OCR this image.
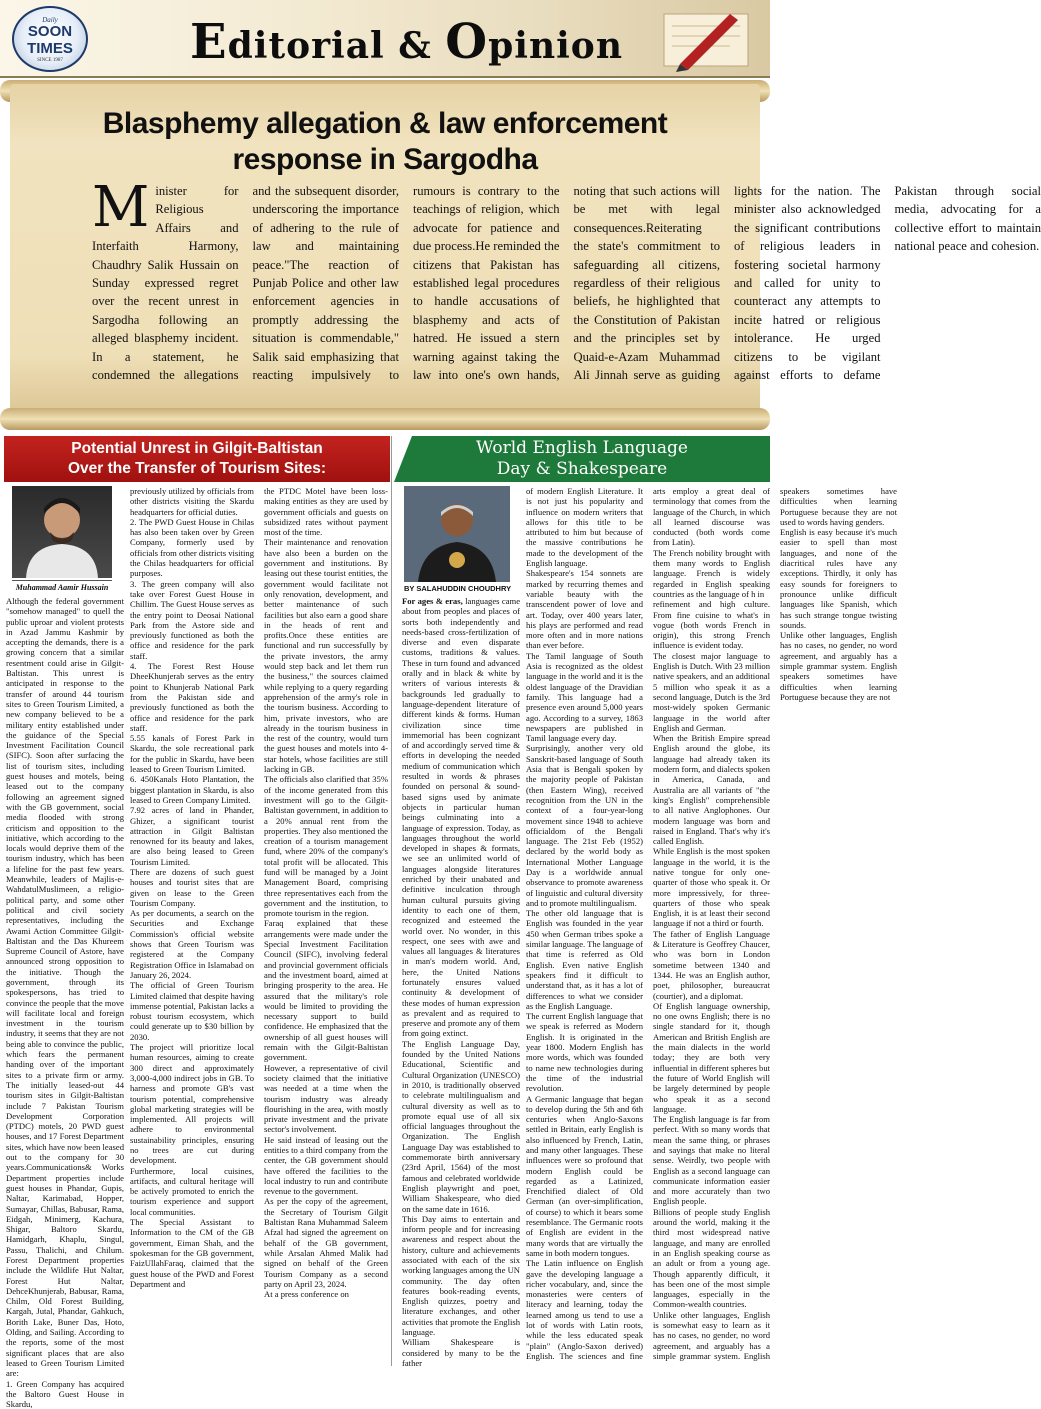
Daily
SOON
TIMES
SINCE 1987	Editorial & Opinion
Blasphemy allegation & law enforcement response in Sargodha
Minister for Religious Affairs and Interfaith Harmony, Chaudhry Salik Hussain on Sunday expressed regret over the recent unrest in Sargodha following an alleged blasphemy incident. In a statement, he condemned the allegations and the subsequent disorder, underscoring the importance of adhering to the rule of law and maintaining peace."The reaction of Punjab Police and other law enforcement agencies in promptly addressing the situation is commendable," Salik said emphasizing that reacting impulsively to rumours is contrary to the teachings of religion, which advocate for patience and due process.He reminded the citizens that Pakistan has established legal procedures to handle accusations of blasphemy and acts of hatred. He issued a stern warning against taking the law into one's own hands, noting that such actions will be met with legal consequences.Reiterating the state's commitment to safeguarding all citizens, regardless of their religious beliefs, he highlighted that the Constitution of Pakistan and the principles set by Quaid-e-Azam Muhammad Ali Jinnah serve as guiding lights for the nation. The minister also acknowledged the significant contributions of religious leaders in fostering societal harmony and called for unity to counteract any attempts to incite hatred or religious intolerance. He urged citizens to be vigilant against efforts to defame Pakistan through social media, advocating for a collective effort to maintain national peace and cohesion.
Potential Unrest in Gilgit-Baltistan
Over the Transfer of Tourism Sites:
Muhammad Aamir Hussain

Although the federal government "somehow managed" to quell the public uproar and violent protests in Azad Jammu Kashmir by accepting the demands, there is a growing concern that a similar resentment could arise in Gilgit-Baltistan. This unrest is anticipated in response to the transfer of around 44 tourism sites to Green Tourism Limited, a new company believed to be a military entity established under the guidance of the Special Investment Facilitation Council (SIFC). Soon after surfacing the list of tourism sites, including guest houses and motels, being leased out to the company following an agreement signed with the GB government, social media flooded with strong criticism and opposition to the initiative, which according to the locals would deprive them of the tourism industry, which has been a lifeline for the past few years. Meanwhile, leaders of Majlis-e-WahdatulMuslimeen, a religio-political party, and some other political and civil society representatives, including the Awami Action Committee Gilgit-Baltistan and the Das Khureem Supreme Council of Astore, have announced strong opposition to the initiative. Though the government, through its spokespersons, has tried to convince the people that the move will facilitate local and foreign investment in the tourism industry, it seems that they are not being able to convince the public, which fears the permanent handing over of the important sites to a private firm or army. The initially leased-out 44 tourism sites in Gilgit-Baltistan include 7 Pakistan Tourism Development Corporation (PTDC) motels, 20 PWD guest houses, and 17 Forest Department sites, which have now been leased out to the company for 30 years.Communications& Works Department properties include guest houses in Phandar, Gupis, Naltar, Karimabad, Hopper, Sumayar, Chillas, Babusar, Rama, Eidgah, Minimerg, Kachura, Shigar, Baltoro Skardu, Hamidgarh, Khaplu, Singul, Passu, Thalichi, and Chilum. Forest Department properties include the Wildlife Hut Naltar, Forest Hut Naltar, DehceKhunjerab, Babusar, Rama, Chilm, Old Forest Building, Kargah, Jutal, Phandar, Gahkuch, Borith Lake, Buner Das, Hoto, Olding, and Sailing. According to the reports, some of the most significant places that are also leased to Green Tourism Limited are:

1. Green Company has acquired the Baltoro Guest House in Skardu,

previously utilized by officials from other districts visiting the Skardu headquarters for official duties.

2. The PWD Guest House in Chilas has also been taken over by Green Company, formerly used by officials from other districts visiting the Chilas headquarters for official purposes.

3. The green company will also take over Forest Guest House in Chillim. The Guest House serves as the entry point to Deosai National Park from the Astore side and previously functioned as both the office and residence for the park staff.

4. The Forest Rest House DheeKhunjerab serves as the entry point to Khunjerab National Park from the Pakistan side and previously functioned as both the office and residence for the park staff.

5.55 kanals of Forest Park in Skardu, the sole recreational park for the public in Skardu, have been leased to Green Tourism Limited.

6. 450Kanals Hoto Plantation, the biggest plantation in Skardu, is also leased to Green Company Limited.

7.92 acres of land in Phander, Ghizer, a significant tourist attraction in Gilgit Baltistan renowned for its beauty and lakes, are also being leased to Green Tourism Limited.

There are dozens of such guest houses and tourist sites that are given on lease to the Green Tourism Company.

As per documents, a search on the Securities and Exchange Commission's official website shows that Green Tourism was registered at the Company Registration Office in Islamabad on January 26, 2024.

The official of Green Tourism Limited claimed that despite having immense potential, Pakistan lacks a robust tourism ecosystem, which could generate up to $30 billion by 2030.

The project will prioritize local human resources, aiming to create 300 direct and approximately 3,000-4,000 indirect jobs in GB. To harness and promote GB's vast tourism potential, comprehensive global marketing strategies will be implemented. All projects will adhere to environmental sustainability principles, ensuring no trees are cut during development.

Furthermore, local cuisines, artifacts, and cultural heritage will be actively promoted to enrich the tourism experience and support local communities.

The Special Assistant to Information to the CM of the GB government, Eiman Shah, and the spokesman for the GB government, FaizUllahFaraq, claimed that the guest house of the PWD and Forest Department and

the PTDC Motel have been loss-making entities as they are used by government officials and guests on subsidized rates without payment most of the time.

Their maintenance and renovation have also been a burden on the government and institutions. By leasing out these tourist entities, the government would facilitate not only renovation, development, and better maintenance of such facilities but also earn a good share in the heads of rent and profits.Once these entities are functional and run successfully by the private investors, the army would step back and let them run the business," the sources claimed while replying to a query regarding apprehension of the army's role in the tourism business. According to him, private investors, who are already in the tourism business in the rest of the country, would turn the guest houses and motels into 4-star hotels, whose facilities are still lacking in GB.

The officials also clarified that 35% of the income generated from this investment will go to the Gilgit-Baltistan government, in addition to a 20% annual rent from the properties. They also mentioned the creation of a tourism management fund, where 20% of the company's total profit will be allocated. This fund will be managed by a Joint Management Board, comprising three representatives each from the government and the institution, to promote tourism in the region.

Faraq explained that these arrangements were made under the Special Investment Facilitation Council (SIFC), involving federal and provincial government officials and the investment board, aimed at bringing prosperity to the area. He assured that the military's role would be limited to providing the necessary support to build confidence. He emphasized that the ownership of all guest houses will remain with the Gilgit-Baltistan government.

However, a representative of civil society claimed that the initiative was needed at a time when the tourism industry was already flourishing in the area, with mostly private investment and the private sector's involvement.

He said instead of leasing out the entities to a third company from the center, the GB government should have offered the facilities to the local industry to run and contribute revenue to the government.

As per the copy of the agreement, the Secretary of Tourism Gilgit Baltistan Rana Muhammad Saleem Afzal had signed the agreement on behalf of the GB government, while Arsalan Ahmed Malik had signed on behalf of the Green Tourism Company as a second party on April 23, 2024.

At a press conference on

World English Language
Day & Shakespeare
BY SALAHUDDIN CHOUDHRY

For ages & eras, languages came about from peoples and places of sorts both independently and needs-based cross-fertilization of diverse and even disparate customs, traditions & values. These in turn found and advanced orally and in black & white by writers of various interests & backgrounds led gradually to language-dependent literature of different kinds & forms. Human civilization since time immemorial has been cognizant of and accordingly served time & efforts in developing the needed medium of communication which resulted in words & phrases founded on personal & sound-based signs used by animate objects in particular human beings culminating into a language of expression. Today, as languages throughout the world developed in shapes & formats, we see an unlimited world of languages alongside literatures enriched by their unabated and definitive inculcation through human cultural pursuits giving identity to each one of them, recognized and esteemed the world over. No wonder, in this respect, one sees with awe and values all languages & literatures in man's modern world. And, here, the United Nations fortunately ensures valued continuity & development of these modes of human expression as prevalent and as required to preserve and promote any of them from going extinct.

The English Language Day, founded by the United Nations Educational, Scientific and Cultural Organization (UNESCO) in 2010, is traditionally observed to celebrate multilingualism and cultural diversity as well as to promote equal use of all six official languages throughout the Organization. The English Language Day was established to commemorate birth anniversary (23rd April, 1564) of the most famous and celebrated worldwide English playwright and poet, William Shakespeare, who died on the same date in 1616.

This Day aims to entertain and inform people and for increasing awareness and respect about the history, culture and achievements associated with each of the six working languages among the UN community. The day often features book-reading events, English quizzes, poetry and literature exchanges, and other activities that promote the English language.

William Shakespeare is considered by many to be the father

of modern English Literature. It is not just his popularity and influence on modern writers that allows for this title to be attributed to him but because of the massive contributions he made to the development of the English language.

Shakespeare's 154 sonnets are marked by recurring themes and variable beauty with the transcendent power of love and art. Today, over 400 years later, his plays are performed and read more often and in more nations than ever before.

The Tamil language of South Asia is recognized as the oldest language in the world and it is the oldest language of the Dravidian family. This language had a presence even around 5,000 years ago. According to a survey, 1863 newspapers are published in Tamil language every day.

Surprisingly, another very old Sanskrit-based language of South Asia that is Bengali spoken by the majority people of Pakistan (then Eastern Wing), received recognition from the UN in the context of a four-year-long movement since 1948 to achieve officialdom of the Bengali language. The 21st Feb (1952) declared by the world body as International Mother Language Day is a worldwide annual observance to promote awareness of linguistic and cultural diversity and to promote multilingualism.

The other old language that is English was founded in the year 450 when German tribes spoke a similar language. The language of that time is referred as Old English. Even native English speakers find it difficult to understand that, as it has a lot of differences to what we consider as the English Language.

The current English language that we speak is referred as Modern English. It is originated in the year 1800. Modern English has more words, which was founded to name new technologies during the time of the industrial revolution.

A Germanic language that began to develop during the 5th and 6th centuries when Anglo-Saxons settled in Britain, early English is also influenced by French, Latin, and many other languages. These influences were so profound that modern English could be regarded as a Latinized, Frenchified dialect of Old German (an over-simplification, of course) to which it bears some resemblance. The Germanic roots of English are evident in the many words that are virtually the same in both modern tongues.

The Latin influence on English gave the developing language a richer vocabulary, and, since the monasteries were centers of literacy and learning, today the learned among us tend to use a lot of words with Latin roots, while the less educated speak "plain" (Anglo-Saxon derived) English. The sciences and fine arts employ a great deal of terminology that comes from the language of the Church, in which all learned discourse was conducted (both words come from Latin).

The French nobility brought with them many words to English language. French is widely regarded in English speaking countries as the language of h in

refinement and high culture. From fine cuisine to what's in vogue (both words French in origin), this strong French influence is evident today.

The closest major language to English is Dutch. With 23 million native speakers, and an additional 5 million who speak it as a second language, Dutch is the 3rd most-widely spoken Germanic language in the world after English and German.

When the British Empire spread English around the globe, its language had already taken its modern form, and dialects spoken in America, Canada, and Australia are all variants of "the king's English" comprehensible to all native Anglophones. Our modern language was born and raised in England. That's why it's called English.

While English is the most spoken language in the world, it is the native tongue for only one-quarter of those who speak it. Or more impressively, for three-quarters of those who speak English, it is at least their second language if not a third or fourth.

The father of English Language & Literature is Geoffrey Chaucer, who was born in London sometime between 1340 and 1344. He was an English author, poet, philosopher, bureaucrat (courtier), and a diplomat.

Of English language ownership, no one owns English; there is no single standard for it, though American and British English are the main dialects in the world today; they are both very influential in different spheres but the future of World English will be largely determined by people who speak it as a second language.

The English language is far from perfect. With so many words that mean the same thing, or phrases and sayings that make no literal sense. Weirdly, two people with English as a second language can communicate information easier and more accurately than two English people.

Billions of people study English around the world, making it the third most widespread native language, and many are enrolled in an English speaking course as an adult or from a young age. Though apparently difficult, it has been one of the most simple languages, especially in the Common-wealth countries.

Unlike other languages, English is somewhat easy to learn as it has no cases, no gender, no word agreement, and arguably has a simple grammar system. English speakers sometimes have difficulties when learning Portuguese because they are not used to words having genders.

English is easy because it's much easier to spell than most languages, and none of the diacritical rules have any exceptions. Thirdly, it only has easy sounds for foreigners to pronounce unlike difficult languages like Spanish, which has such strange tongue twisting sounds.

Unlike other languages, English has no cases, no gender, no word agreement, and arguably has a simple grammar system. English speakers sometimes have difficulties when learning Portuguese because they are not
